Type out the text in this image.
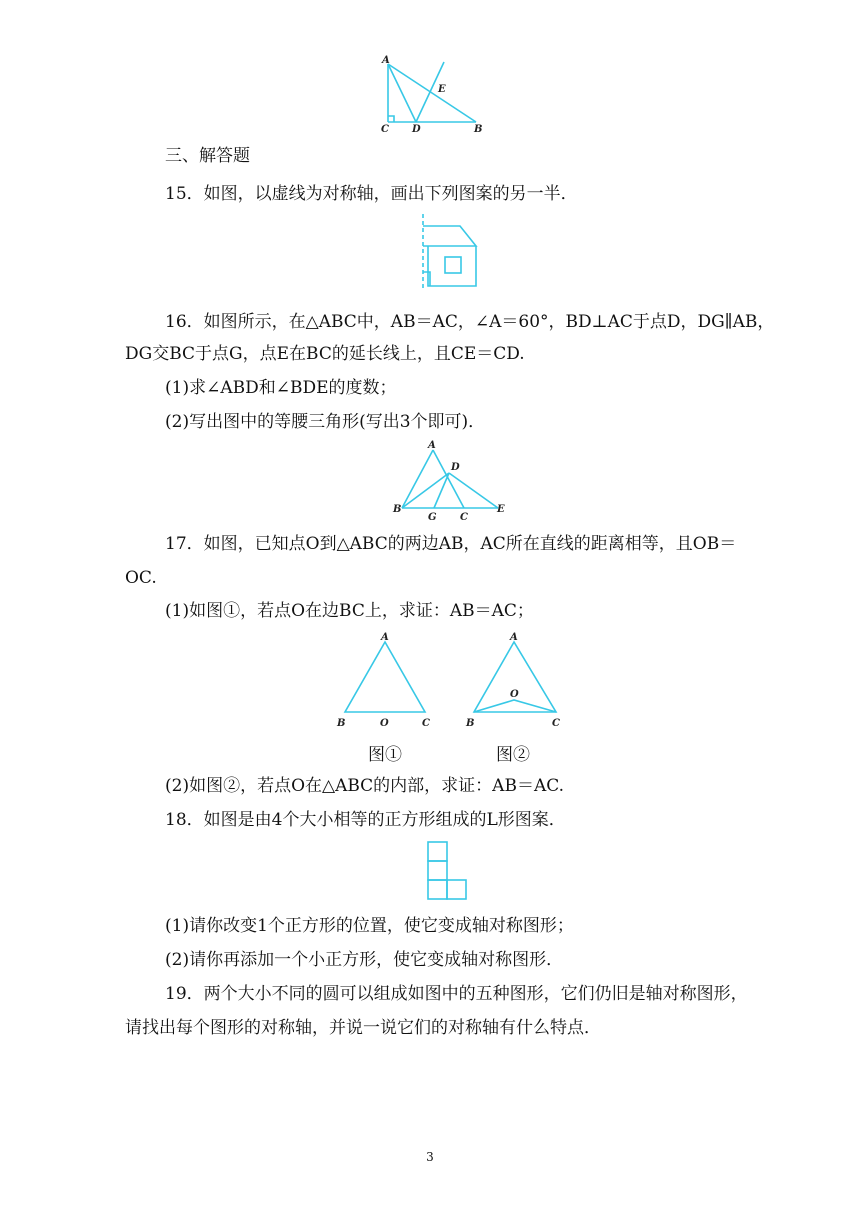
A
E
C D	B
三、解答题
15．如图，以虚线为对称轴，画出下列图案的另一半．
16．如图所示，在△ABC中，AB＝AC，∠A＝60°，BD⊥AC于点D，DG∥AB，
DG交BC于点G，点E在BC的延长线上，且CE＝CD.
(1)求∠ABD和∠BDE的度数；
(2)写出图中的等腰三角形(写出3个即可)．
A
D
B
G C
E
17．如图，已知点O到△ABC的两边AB，AC所在直线的距离相等，且OB＝
OC.
(1)如图①，若点O在边BC上，求证：AB＝AC；
A
B	O	C
图①
A
O
B	C
图②
(2)如图②，若点O在△ABC的内部，求证：AB＝AC.
18．如图是由4个大小相等的正方形组成的L形图案．
(1)请你改变1个正方形的位置，使它变成轴对称图形；
(2)请你再添加一个小正方形，使它变成轴对称图形．
19．两个大小不同的圆可以组成如图中的五种图形，它们仍旧是轴对称图形，
请找出每个图形的对称轴，并说一说它们的对称轴有什么特点．
3
